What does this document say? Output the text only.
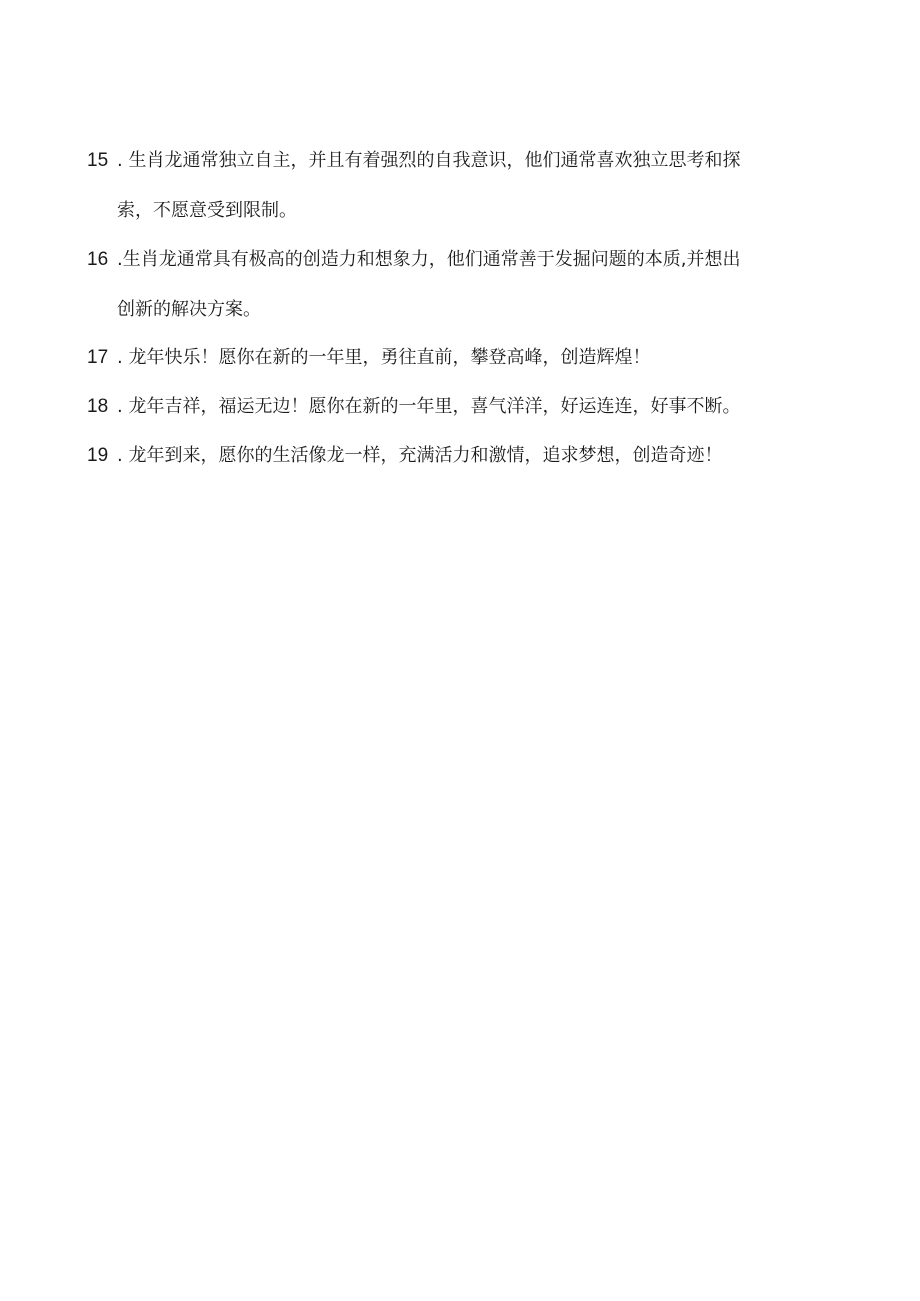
15 . 生肖龙通常独立自主，并且有着强烈的自我意识，他们通常喜欢独立思考和探
索，不愿意受到限制。
16 .生肖龙通常具有极高的创造力和想象力，他们通常善于发掘问题的本质,并想出
创新的解决方案。
17 . 龙年快乐！愿你在新的一年里，勇往直前，攀登高峰，创造辉煌！
18 . 龙年吉祥，福运无边！愿你在新的一年里，喜气洋洋，好运连连，好事不断。
19 . 龙年到来，愿你的生活像龙一样，充满活力和激情，追求梦想，创造奇迹！
